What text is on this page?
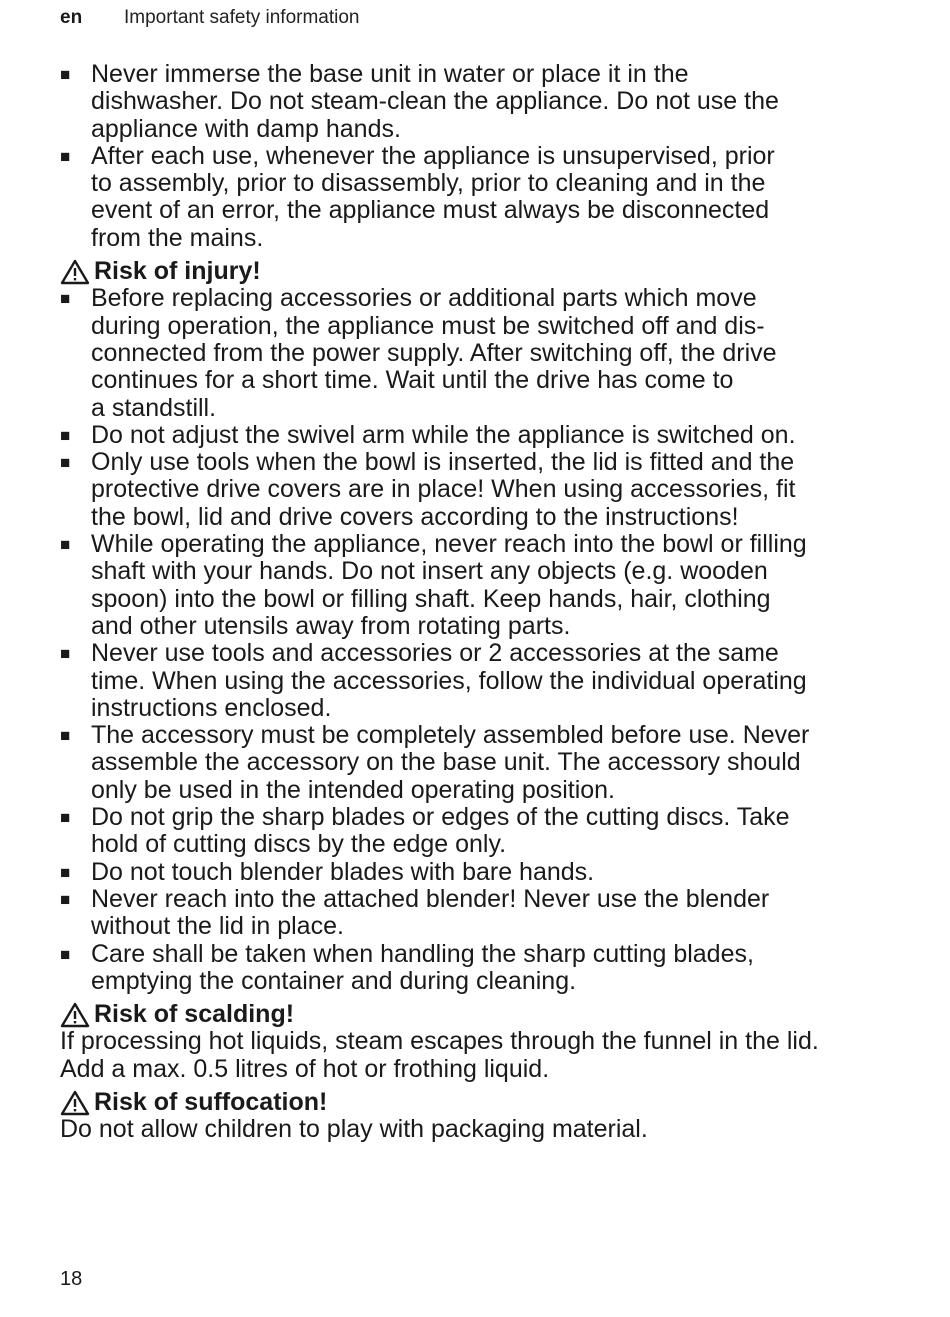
en	Important safety information
■ Never immerse the base unit in water or place it in the
dishwasher. Do not steam-clean the appliance. Do not use the
appliance with damp hands.
■ After each use, whenever the appliance is unsupervised, prior
to assembly, prior to disassembly, prior to cleaning and in the
event of an error, the appliance must always be disconnected
from the mains.
Risk of injury!
■ Before replacing accessories or additional parts which move
during operation, the appliance must be switched off and dis-
connected from the power supply. After switching off, the drive
continues for a short time. Wait until the drive has come to
a standstill.
■ Do not adjust the swivel arm while the appliance is switched on.
■ Only use tools when the bowl is inserted, the lid is fitted and the
protective drive covers are in place! When using accessories, fit
the bowl, lid and drive covers according to the instructions!
■ While operating the appliance, never reach into the bowl or filling
shaft with your hands. Do not insert any objects (e.g. wooden
spoon) into the bowl or filling shaft. Keep hands, hair, clothing
and other utensils away from rotating parts.
■ Never use tools and accessories or 2 accessories at the same
time. When using the accessories, follow the individual operating
instructions enclosed.
■ The accessory must be completely assembled before use. Never
assemble the accessory on the base unit. The accessory should
only be used in the intended operating position.
■ Do not grip the sharp blades or edges of the cutting discs. Take
hold of cutting discs by the edge only.
■ Do not touch blender blades with bare hands.
■ Never reach into the attached blender! Never use the blender
without the lid in place.
■ Care shall be taken when handling the sharp cutting blades,
emptying the container and during cleaning.
Risk of scalding!
If processing hot liquids, steam escapes through the funnel in the lid.
Add a max. 0.5 litres of hot or frothing liquid.
Risk of suffocation!
Do not allow children to play with packaging material.
18
